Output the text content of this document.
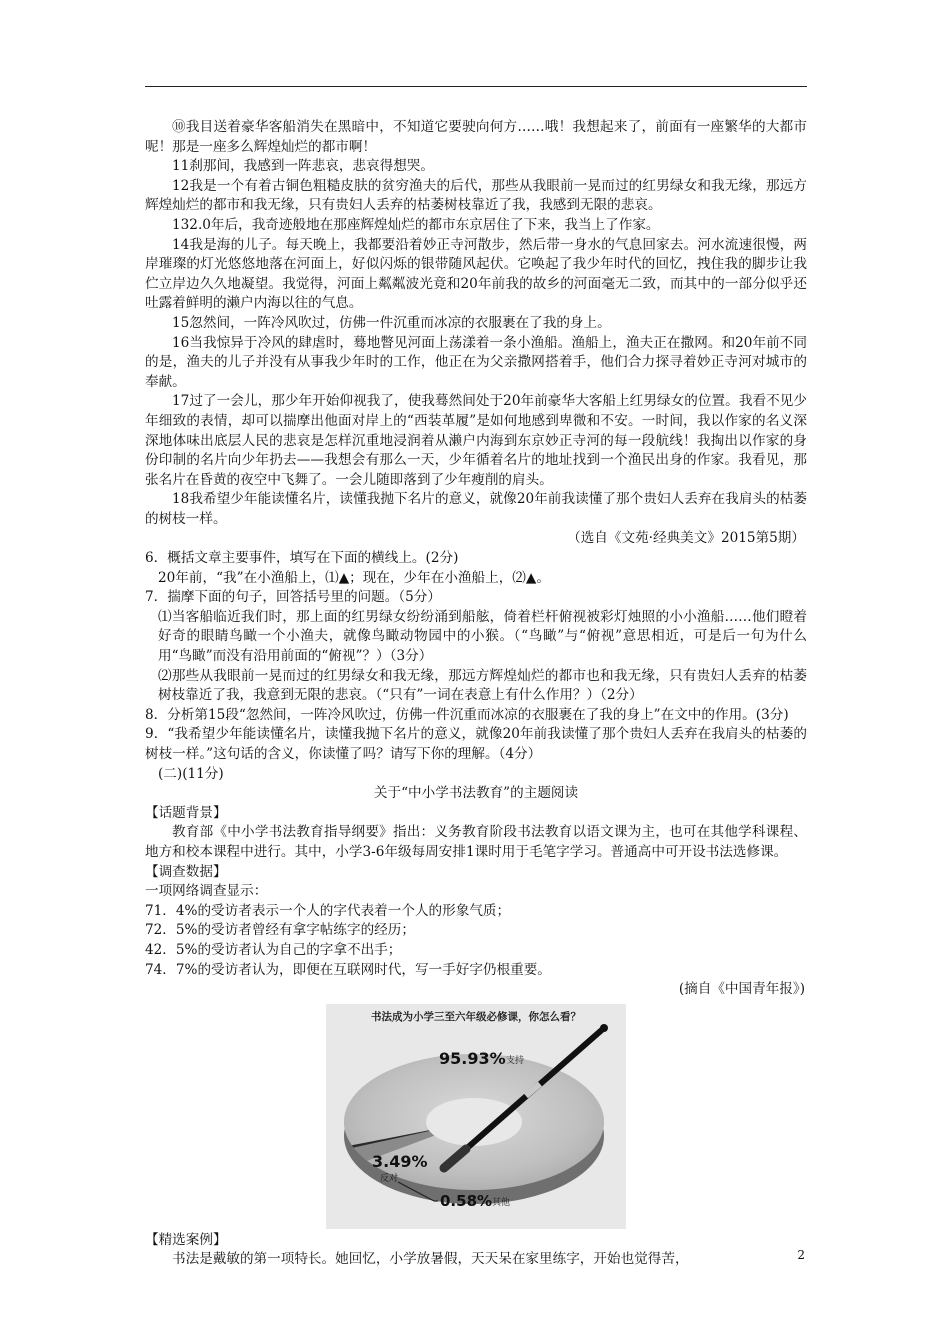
⑩我目送着豪华客船消失在黑暗中，不知道它要驶向何方……哦！我想起来了，前面有一座繁华的大都市呢！那是一座多么辉煌灿烂的都市啊！

11刹那间，我感到一阵悲哀，悲哀得想哭。

12我是一个有着古铜色粗糙皮肤的贫穷渔夫的后代，那些从我眼前一晃而过的红男绿女和我无缘，那远方辉煌灿烂的都市和我无缘，只有贵妇人丢弃的枯萎树枝靠近了我，我感到无限的悲哀。

132.0年后，我奇迹般地在那座辉煌灿烂的都市东京居住了下来，我当上了作家。

14我是海的儿子。每天晚上，我都要沿着妙正寺河散步，然后带一身水的气息回家去。河水流速很慢，两岸璀璨的灯光悠悠地落在河面上，好似闪烁的银带随风起伏。它唤起了我少年时代的回忆，拽住我的脚步让我伫立岸边久久地凝望。我觉得，河面上粼粼波光竟和20年前我的故乡的河面毫无二致，而其中的一部分似乎还吐露着鲜明的濑户内海以往的气息。

15忽然间，一阵冷风吹过，仿佛一件沉重而冰凉的衣服裹在了我的身上。

16当我惊异于冷风的肆虐时，蓦地瞥见河面上荡漾着一条小渔船。渔船上，渔夫正在撒网。和20年前不同的是，渔夫的儿子并没有从事我少年时的工作，他正在为父亲撒网搭着手，他们合力探寻着妙正寺河对城市的奉献。

17过了一会儿，那少年开始仰视我了，使我蓦然间处于20年前豪华大客船上红男绿女的位置。我看不见少年细致的表情，却可以揣摩出他面对岸上的“西装革履”是如何地感到卑微和不安。一时间，我以作家的名义深深地体味出底层人民的悲哀是怎样沉重地浸润着从濑户内海到东京妙正寺河的每一段航线！我掏出以作家的身份印制的名片向少年扔去——我想会有那么一天，少年循着名片的地址找到一个渔民出身的作家。我看见，那张名片在昏黄的夜空中飞舞了。一会儿随即落到了少年瘦削的肩头。

18我希望少年能读懂名片，读懂我抛下名片的意义，就像20年前我读懂了那个贵妇人丢弃在我肩头的枯萎的树枝一样。

（选自《文苑·经典美文》2015第5期）

6．概括文章主要事件，填写在下面的横线上。(2分)

20年前，“我”在小渔船上，⑴▲；现在，少年在小渔船上，⑵▲。

7．揣摩下面的句子，回答括号里的问题。（5分）

⑴当客船临近我们时，那上面的红男绿女纷纷涌到船舷，倚着栏杆俯视被彩灯烛照的小小渔船……他们瞪着好奇的眼睛鸟瞰一个小渔夫，就像鸟瞰动物园中的小猴。（“鸟瞰”与“俯视”意思相近，可是后一句为什么用“鸟瞰”而没有沿用前面的“俯视”？）（3分）

⑵那些从我眼前一晃而过的红男绿女和我无缘，那远方辉煌灿烂的都市也和我无缘，只有贵妇人丢弃的枯萎树枝靠近了我，我意到无限的悲哀。（“只有”一词在表意上有什么作用？）（2分）

8．分析第15段“忽然间，一阵冷风吹过，仿佛一件沉重而冰凉的衣服裹在了我的身上”在文中的作用。(3分)

9．“我希望少年能读懂名片，读懂我抛下名片的意义，就像20年前我读懂了那个贵妇人丢弃在我肩头的枯萎的树枝一样。”这句话的含义，你读懂了吗？请写下你的理解。（4分）

(二)(11分)

关于“中小学书法教育”的主题阅读

【话题背景】

教育部《中小学书法教育指导纲要》指出：义务教育阶段书法教育以语文课为主，也可在其他学科课程、地方和校本课程中进行。其中，小学3-6年级每周安排1课时用于毛笔字学习。普通高中可开设书法选修课。

【调查数据】

一项网络调查显示：

71．4%的受访者表示一个人的字代表着一个人的形象气质；

72．5%的受访者曾经有拿字帖练字的经历；

42．5%的受访者认为自己的字拿不出手；

74．7%的受访者认为，即便在互联网时代，写一手好字仍根重要。

(摘自《中国青年报》)

书法成为小学三至六年级必修课，你怎么看？
95.93% 支持
3.49%
反对
0.58% 其他

【精选案例】

书法是戴敏的第一项特长。她回忆，小学放暑假，天天呆在家里练字，开始也觉得苦，	2
